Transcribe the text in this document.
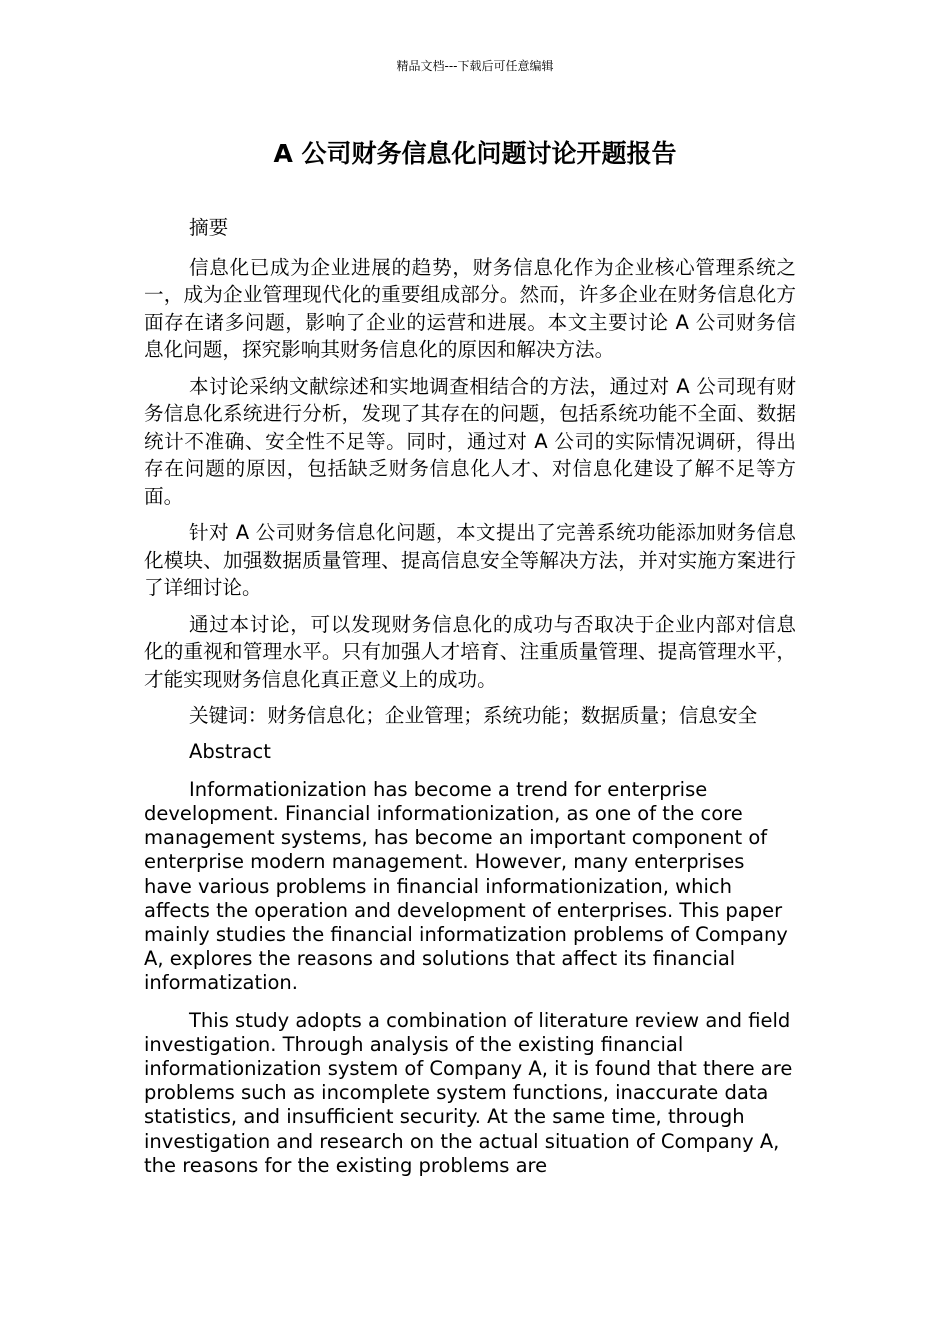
精品文档---下载后可任意编辑
A 公司财务信息化问题讨论开题报告

摘要

信息化已成为企业进展的趋势，财务信息化作为企业核心管理系统之一，成为企业管理现代化的重要组成部分。然而，许多企业在财务信息化方面存在诸多问题，影响了企业的运营和进展。本文主要讨论 A 公司财务信息化问题，探究影响其财务信息化的原因和解决方法。

本讨论采纳文献综述和实地调查相结合的方法，通过对 A 公司现有财务信息化系统进行分析，发现了其存在的问题，包括系统功能不全面、数据统计不准确、安全性不足等。同时，通过对 A 公司的实际情况调研，得出存在问题的原因，包括缺乏财务信息化人才、对信息化建设了解不足等方面。

针对 A 公司财务信息化问题，本文提出了完善系统功能添加财务信息化模块、加强数据质量管理、提高信息安全等解决方法，并对实施方案进行了详细讨论。

通过本讨论，可以发现财务信息化的成功与否取决于企业内部对信息化的重视和管理水平。只有加强人才培育、注重质量管理、提高管理水平，才能实现财务信息化真正意义上的成功。

关键词：财务信息化；企业管理；系统功能；数据质量；信息安全

Abstract

Informationization has become a trend for enterprise development. Financial informationization, as one of the core management systems, has become an important component of enterprise modern management. However, many enterprises have various problems in financial informationization, which affects the operation and development of enterprises. This paper mainly studies the financial informatization problems of Company A, explores the reasons and solutions that affect its financial informatization.

This study adopts a combination of literature review and field investigation. Through analysis of the existing financial informationization system of Company A, it is found that there are problems such as incomplete system functions, inaccurate data statistics, and insufficient security. At the same time, through investigation and research on the actual situation of Company A, the reasons for the existing problems are
